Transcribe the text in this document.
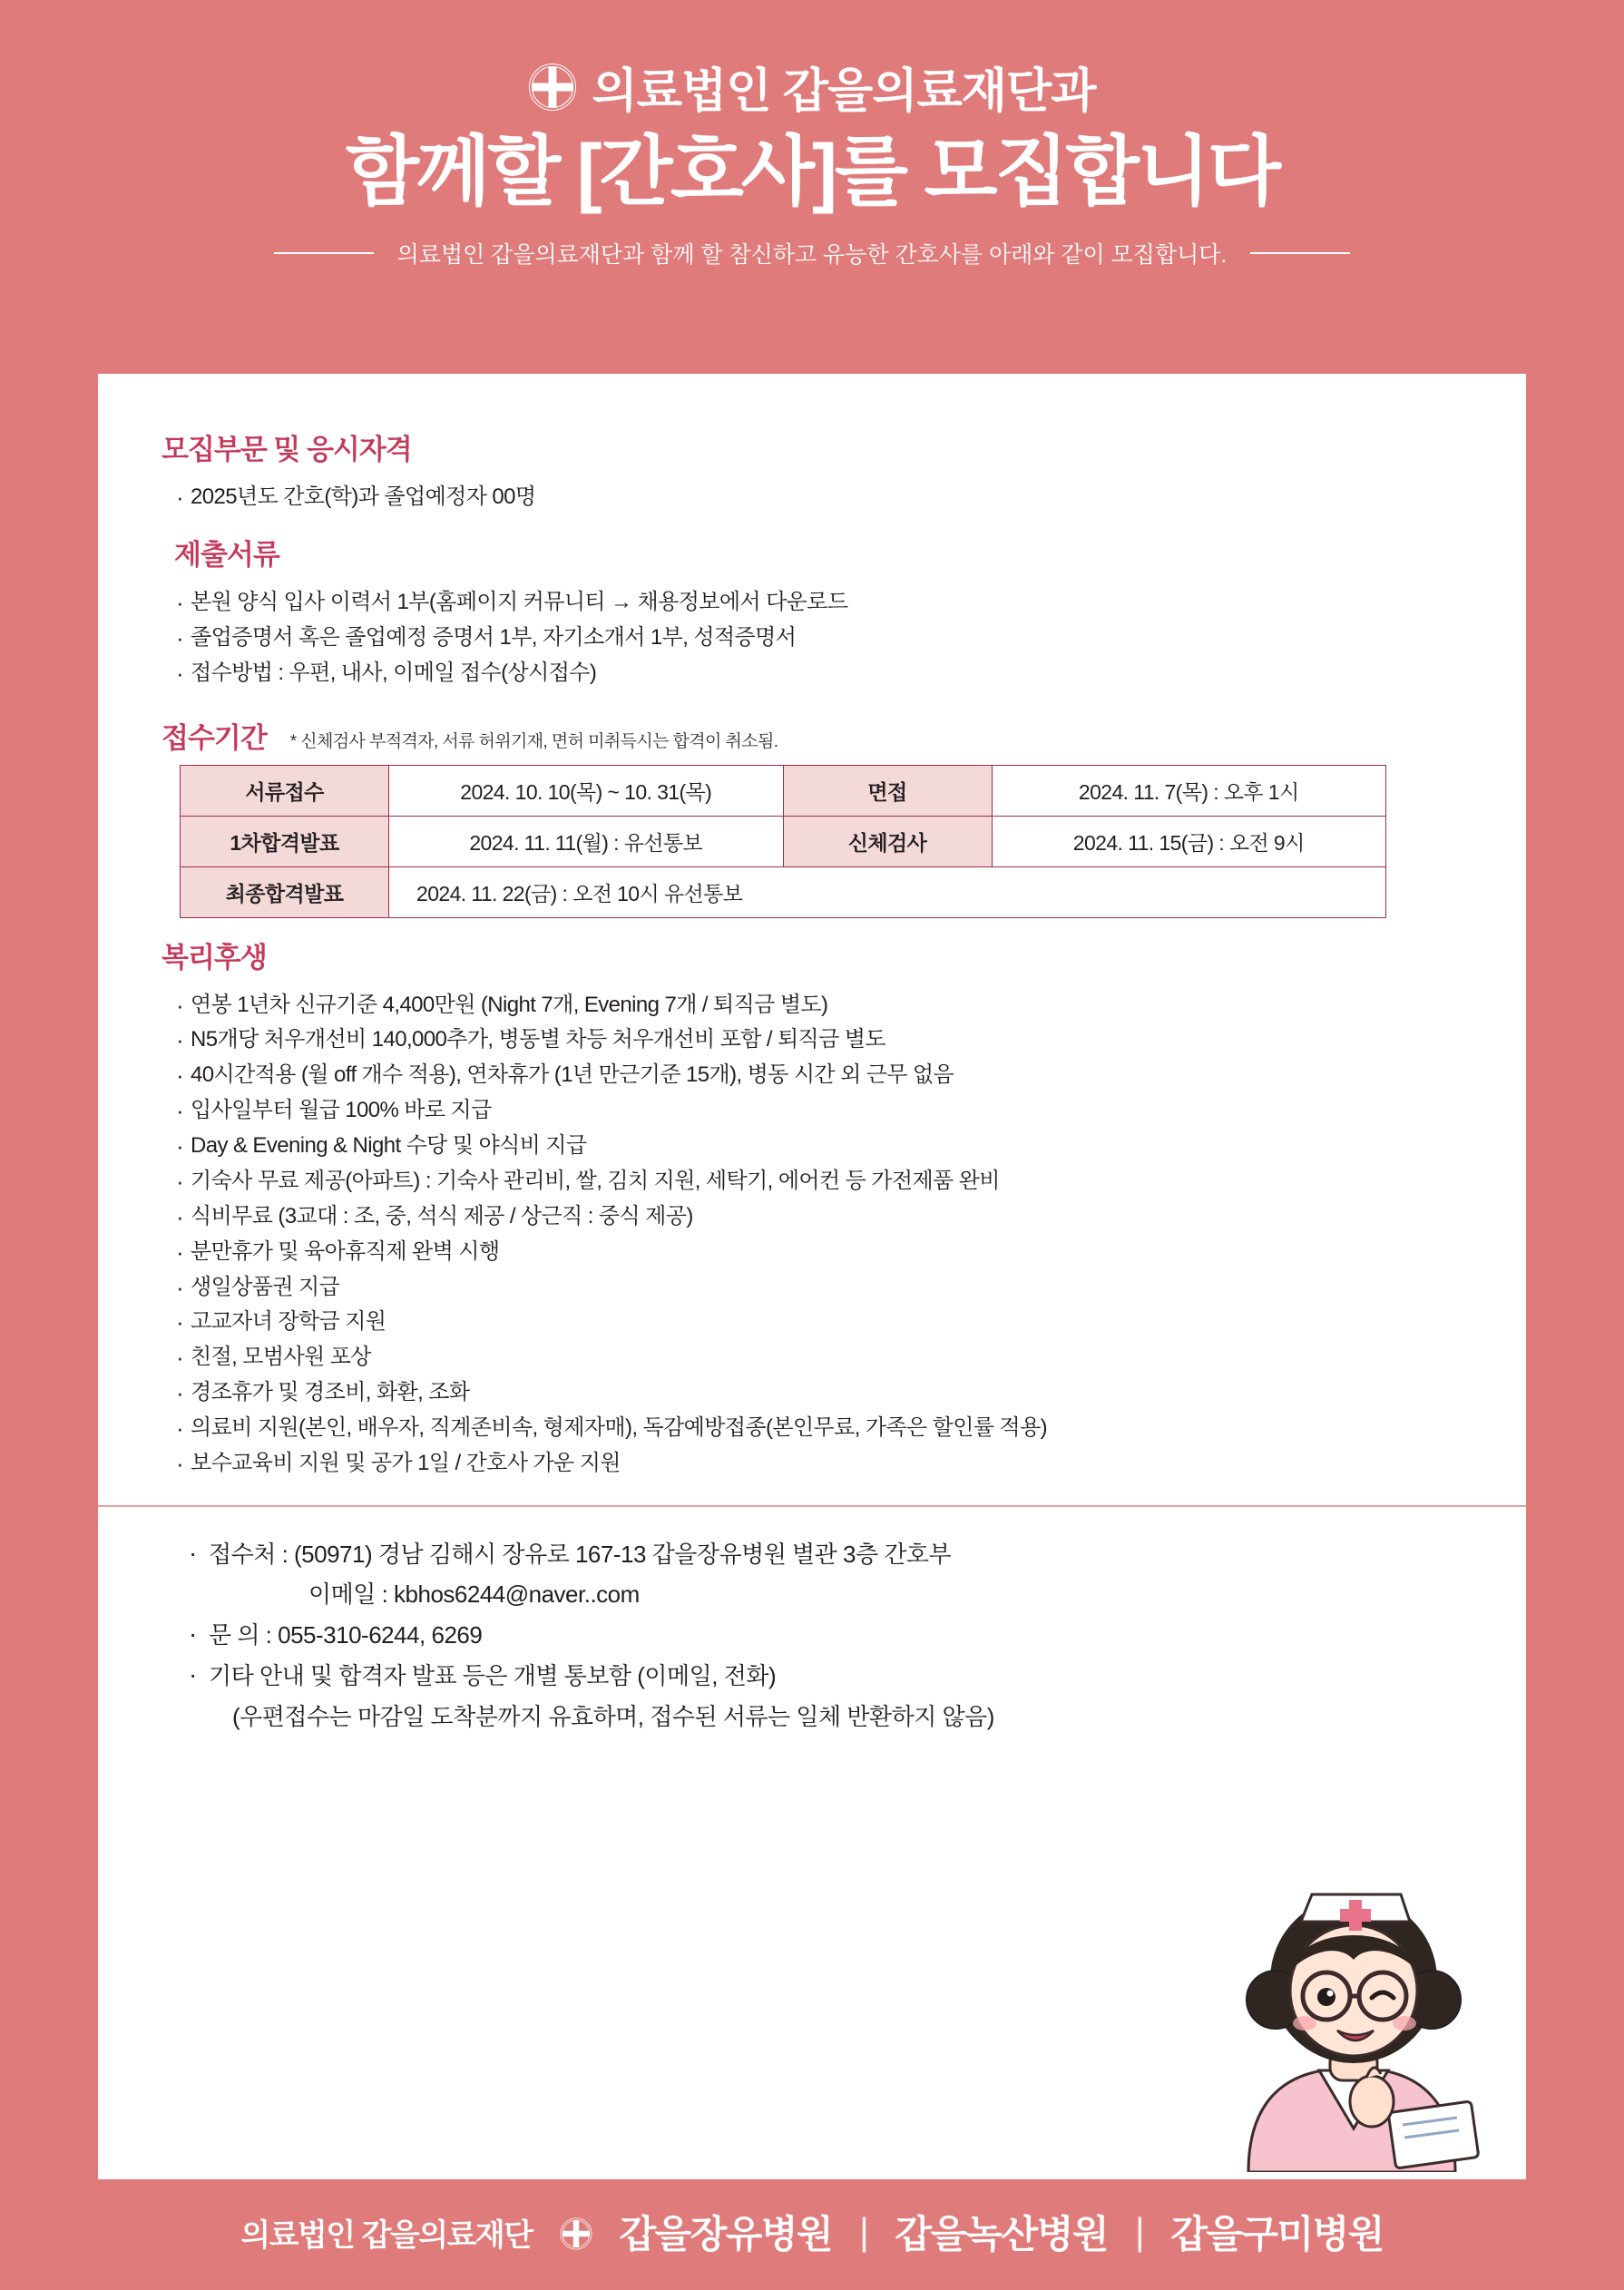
의료법인 갑을의료재단과
함께할 [간호사]를 모집합니다
의료법인 갑을의료재단과 함께 할 참신하고 유능한 간호사를 아래와 같이 모집합니다.
모집부문 및 응시자격
· 2025년도 간호(학)과 졸업예정자 00명
제출서류
· 본원 양식 입사 이력서 1부(홈페이지 커뮤니티 → 채용정보에서 다운로드
· 졸업증명서 혹은 졸업예정 증명서 1부, 자기소개서 1부, 성적증명서
· 접수방법 : 우편, 내사, 이메일 접수(상시접수)
접수기간 * 신체검사 부적격자, 서류 허위기재, 면허 미취득시는 합격이 취소됨.
서류접수	2024. 10. 10(목) ~ 10. 31(목)	면접	2024. 11. 7(목) : 오후 1시
1차합격발표	2024. 11. 11(월) : 유선통보	신체검사	2024. 11. 15(금) : 오전 9시
최종합격발표	2024. 11. 22(금) : 오전 10시 유선통보		
복리후생
· 연봉 1년차 신규기준 4,400만원 (Night 7개, Evening 7개 / 퇴직금 별도)
· N5개당 처우개선비 140,000추가, 병동별 차등 처우개선비 포함 / 퇴직금 별도
· 40시간적용 (월 off 개수 적용), 연차휴가 (1년 만근기준 15개), 병동 시간 외 근무 없음
· 입사일부터 월급 100% 바로 지급
· Day & Evening & Night 수당 및 야식비 지급
· 기숙사 무료 제공(아파트) : 기숙사 관리비, 쌀, 김치 지원, 세탁기, 에어컨 등 가전제품 완비
· 식비무료 (3교대 : 조, 중, 석식 제공 / 상근직 : 중식 제공)
· 분만휴가 및 육아휴직제 완벽 시행
· 생일상품권 지급
· 고교자녀 장학금 지원
· 친절, 모범사원 포상
· 경조휴가 및 경조비, 화환, 조화
· 의료비 지원(본인, 배우자, 직계존비속, 형제자매), 독감예방접종(본인무료, 가족은 할인률 적용)
· 보수교육비 지원 및 공가 1일 / 간호사 가운 지원
· 접수처 : (50971) 경남 김해시 장유로 167-13 갑을장유병원 별관 3층 간호부
이메일 : kbhos6244@naver..com
· 문 의 : 055-310-6244, 6269
· 기타 안내 및 합격자 발표 등은 개별 통보함 (이메일, 전화)
(우편접수는 마감일 도착분까지 유효하며, 접수된 서류는 일체 반환하지 않음)
의료법인 갑을의료재단 갑을장유병원 | 갑을녹산병원 | 갑을구미병원
